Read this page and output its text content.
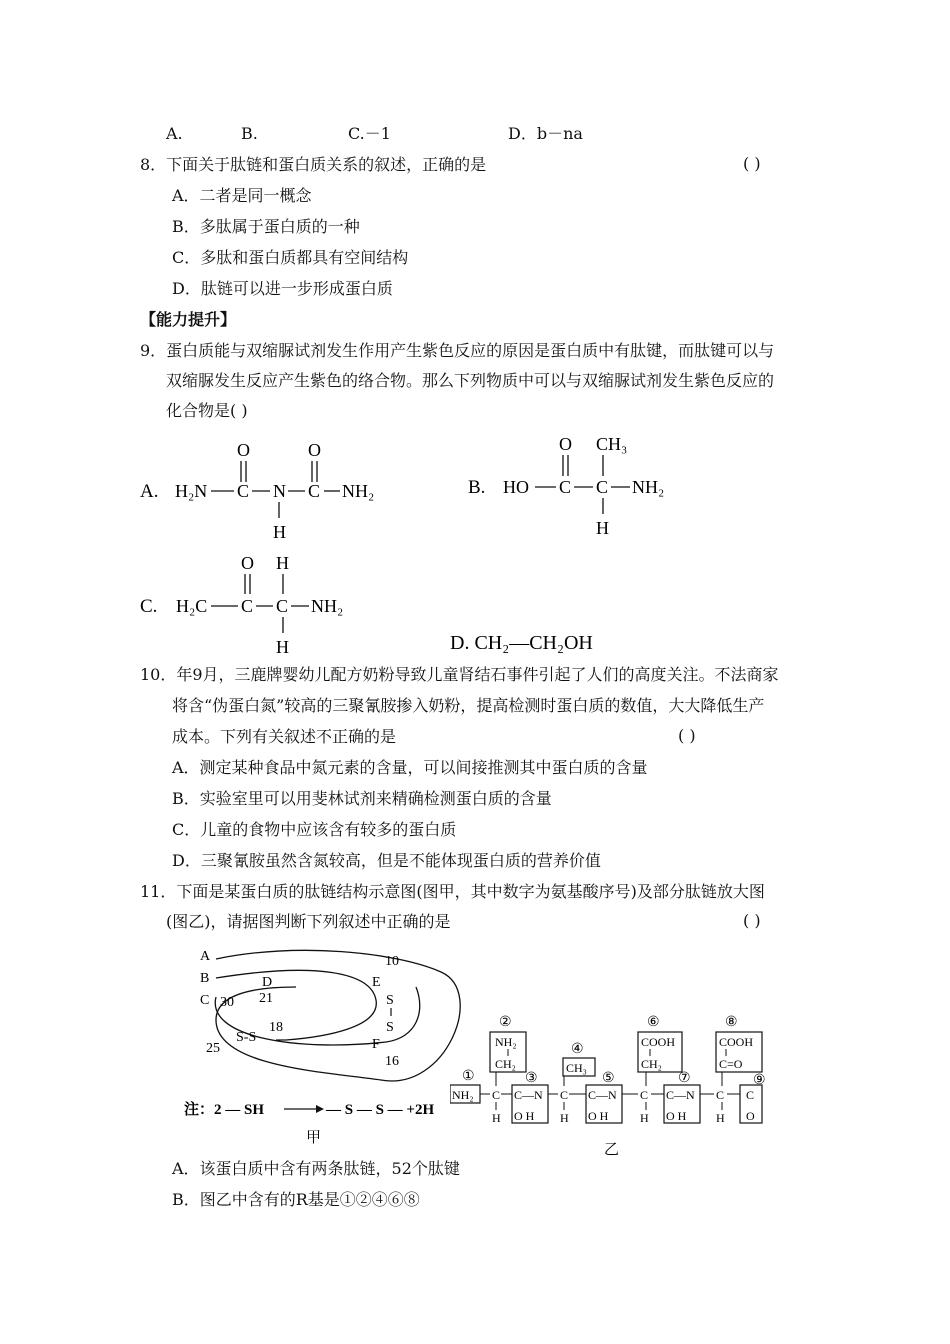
A.	B.	C.－1	D．b－na
8．下面关于肽链和蛋白质关系的叙述，正确的是	( )
A．二者是同一概念
B．多肽属于蛋白质的一种
C．多肽和蛋白质都具有空间结构
D．肽链可以进一步形成蛋白质
【能力提升】
9．蛋白质能与双缩脲试剂发生作用产生紫色反应的原因是蛋白质中有肽键，而肽键可以与
双缩脲发生反应产生紫色的络合物。那么下列物质中可以与双缩脲试剂发生紫色反应的
化合物是( )
A.
O	O
H₂N C N C NH₂
H
B.
O CH₃
HO C C NH₂
H
C.
O H
H₂C C C NH₂
H	D. CH₂—CH₂OH
10．年9月，三鹿牌婴幼儿配方奶粉导致儿童肾结石事件引起了人们的高度关注。不法商家
将含“伪蛋白氮”较高的三聚氰胺掺入奶粉，提高检测时蛋白质的数值，大大降低生产
成本。下列有关叙述不正确的是	( )
A．测定某种食品中氮元素的含量，可以间接推测其中蛋白质的含量
B．实验室里可以用斐林试剂来精确检测蛋白质的含量
C．儿童的食物中应该含有较多的蛋白质
D．三聚氰胺虽然含氮较高，但是不能体现蛋白质的营养价值
11．下面是某蛋白质的肽链结构示意图(图甲，其中数字为氨基酸序号)及部分肽链放大图
(图乙)，请据图判断下列叙述中正确的是	( )
A
B
C
D	E
F
10
30 21
18
25
16
S
S
S-S
注：2 — SH	— S — S — +2H
甲
①
②
③
④
⑤
⑥
⑦
⑧
⑨
NH₂
CH₂	CH₃
COOH
CH₂
COOH
C=O
NH₂ C
H
C—N
O H
C
H
C—N
O H
C
H
C—N
O H
C
H
C
O
乙
A．该蛋白质中含有两条肽链，52个肽键
B．图乙中含有的R基是①②④⑥⑧
